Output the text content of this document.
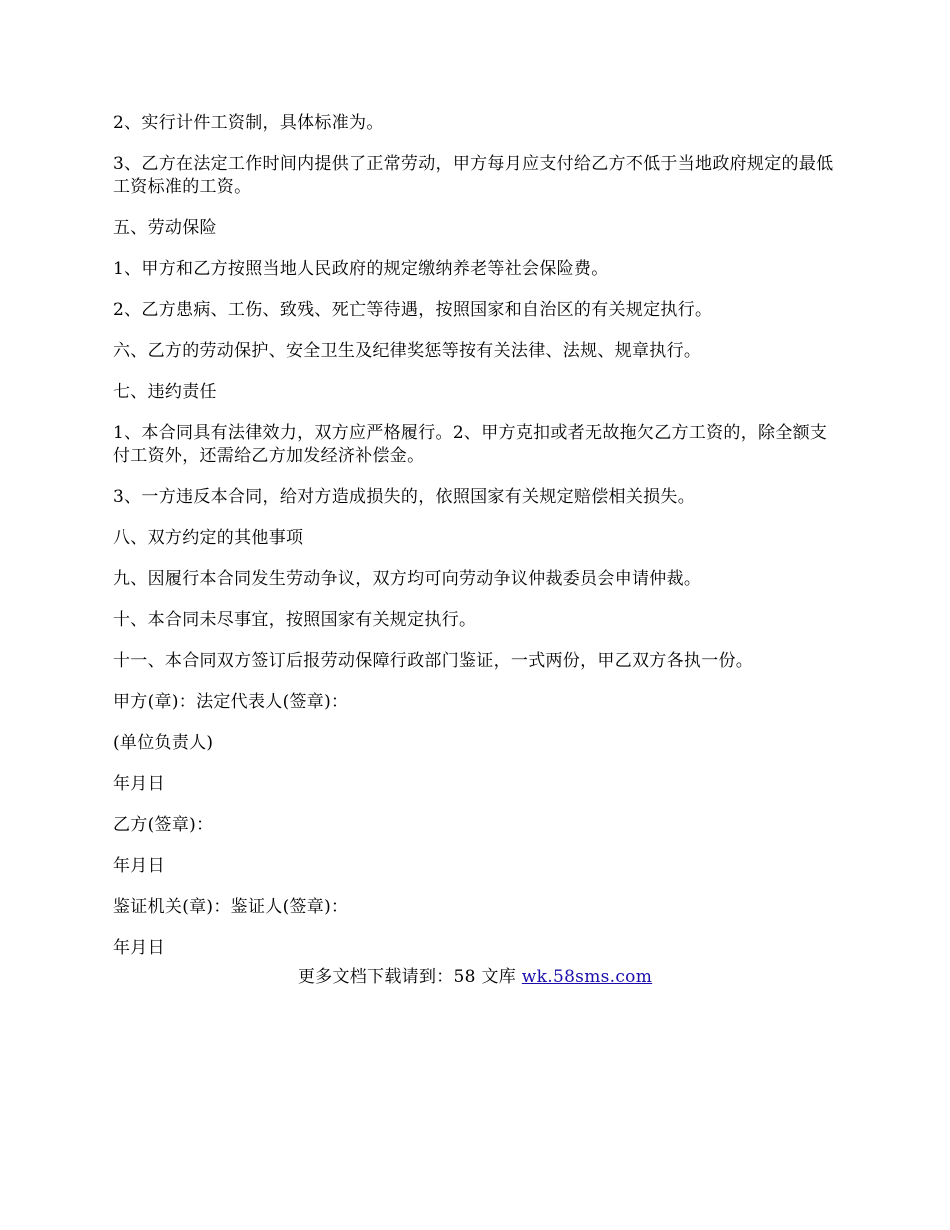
2、实行计件工资制，具体标准为。

3、乙方在法定工作时间内提供了正常劳动，甲方每月应支付给乙方不低于当地政府规定的最低工资标准的工资。

五、劳动保险

1、甲方和乙方按照当地人民政府的规定缴纳养老等社会保险费。

2、乙方患病、工伤、致残、死亡等待遇，按照国家和自治区的有关规定执行。

六、乙方的劳动保护、安全卫生及纪律奖惩等按有关法律、法规、规章执行。

七、违约责任

1、本合同具有法律效力，双方应严格履行。2、甲方克扣或者无故拖欠乙方工资的，除全额支付工资外，还需给乙方加发经济补偿金。

3、一方违反本合同，给对方造成损失的，依照国家有关规定赔偿相关损失。

八、双方约定的其他事项

九、因履行本合同发生劳动争议，双方均可向劳动争议仲裁委员会申请仲裁。

十、本合同未尽事宜，按照国家有关规定执行。

十一、本合同双方签订后报劳动保障行政部门鉴证，一式两份，甲乙双方各执一份。

甲方(章)：法定代表人(签章)：

(单位负责人)

年月日

乙方(签章)：

年月日

鉴证机关(章)：鉴证人(签章)：

年月日

更多文档下载请到：58 文库 wk.58sms.com
